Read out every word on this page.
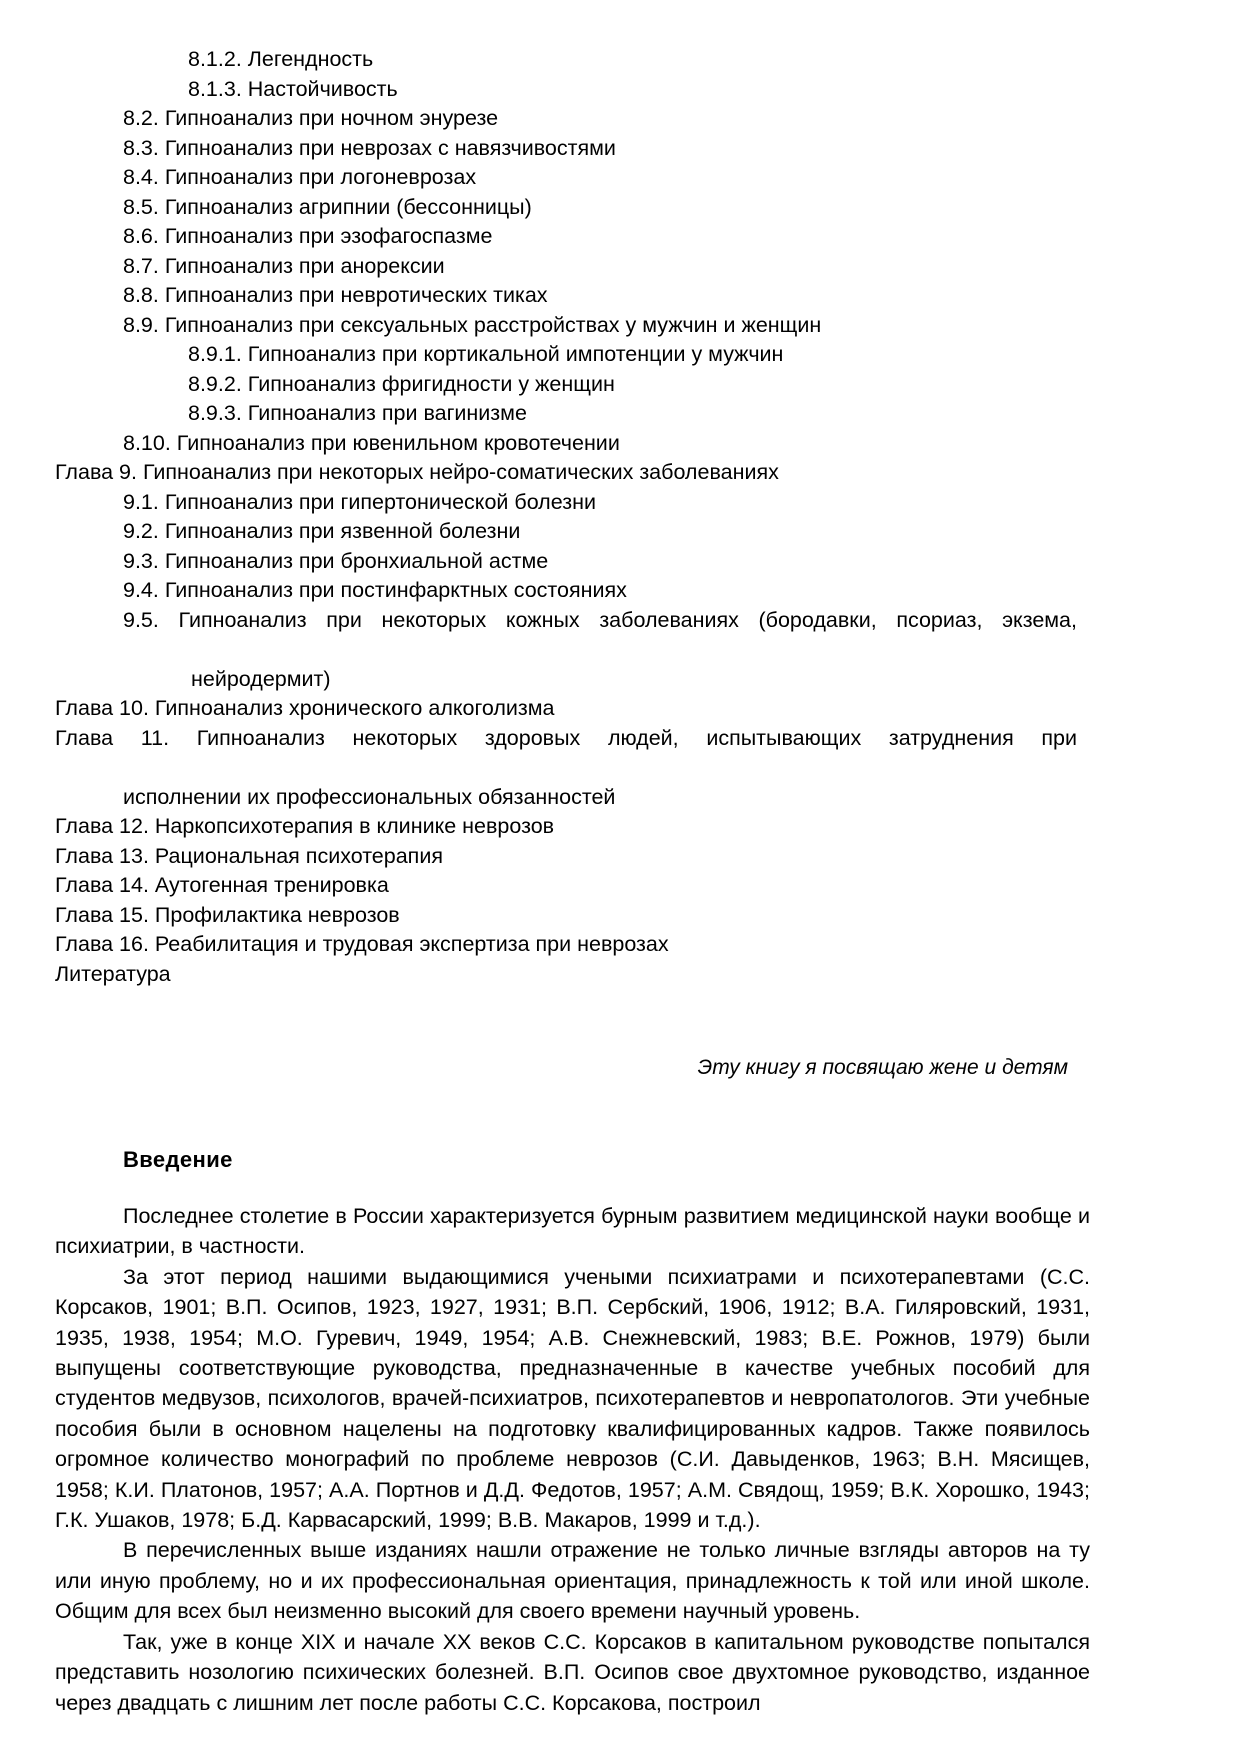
8.1.2. Легендность
8.1.3. Настойчивость
8.2. Гипноанализ при ночном энурезе
8.3. Гипноанализ при неврозах с навязчивостями
8.4. Гипноанализ при логоневрозах
8.5. Гипноанализ агрипнии (бессонницы)
8.6. Гипноанализ при эзофагоспазме
8.7. Гипноанализ при анорексии
8.8. Гипноанализ при невротических тиках
8.9. Гипноанализ при сексуальных расстройствах у мужчин и женщин
8.9.1. Гипноанализ при кортикальной импотенции у мужчин
8.9.2. Гипноанализ фригидности у женщин
8.9.3. Гипноанализ при вагинизме
8.10. Гипноанализ при ювенильном кровотечении
Глава 9. Гипноанализ при некоторых нейро-соматических заболеваниях
9.1. Гипноанализ при гипертонической болезни
9.2. Гипноанализ при язвенной болезни
9.3. Гипноанализ при бронхиальной астме
9.4. Гипноанализ при постинфарктных состояниях
9.5. Гипноанализ при некоторых кожных заболеваниях (бородавки, псориаз, экзема,
нейродермит)
Глава 10. Гипноанализ хронического алкоголизма
Глава 11. Гипноанализ некоторых здоровых людей, испытывающих затруднения при
исполнении их профессиональных обязанностей
Глава 12. Наркопсихотерапия в клинике неврозов
Глава 13. Рациональная психотерапия
Глава 14. Аутогенная тренировка
Глава 15. Профилактика неврозов
Глава 16. Реабилитация и трудовая экспертиза при неврозах
Литература
Эту книгу я посвящаю жене и детям
Введение

Последнее столетие в России характеризуется бурным развитием медицинской науки вообще и психиатрии, в частности.

За этот период нашими выдающимися учеными психиатрами и психотерапевтами (С.С. Корсаков, 1901; В.П. Осипов, 1923, 1927, 1931; В.П. Сербский, 1906, 1912; В.А. Гиляровский, 1931, 1935, 1938, 1954; М.О. Гуревич, 1949, 1954; А.В. Снежневский, 1983; В.Е. Рожнов, 1979) были выпущены соответствующие руководства, предназначенные в качестве учебных пособий для студентов медвузов, психологов, врачей-психиатров, психотерапевтов и невропатологов. Эти учебные пособия были в основном нацелены на подготовку квалифицированных кадров. Также появилось огромное количество монографий по проблеме неврозов (С.И. Давыденков, 1963; В.Н. Мясищев, 1958; К.И. Платонов, 1957; А.А. Портнов и Д.Д. Федотов, 1957; А.М. Свядощ, 1959; В.К. Хорошко, 1943; Г.К. Ушаков, 1978; Б.Д. Карвасарский, 1999; В.В. Макаров, 1999 и т.д.).

В перечисленных выше изданиях нашли отражение не только личные взгляды авторов на ту или иную проблему, но и их профессиональная ориентация, принадлежность к той или иной школе. Общим для всех был неизменно высокий для своего времени научный уровень.

Так, уже в конце XIX и начале XX веков С.С. Корсаков в капитальном руководстве попытался представить нозологию психических болезней. В.П. Осипов свое двухтомное руководство, изданное через двадцать с лишним лет после работы С.С. Корсакова, построил
